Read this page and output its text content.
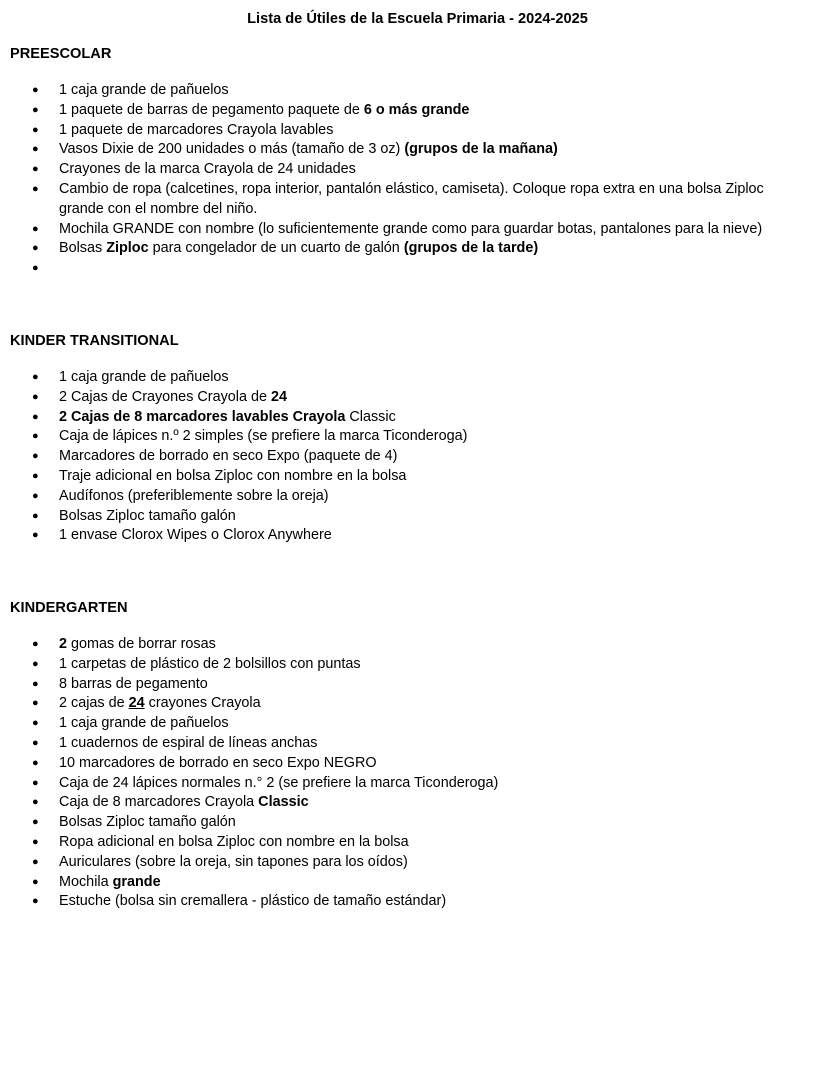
Lista de Útiles de la Escuela Primaria - 2024-2025
PREESCOLAR
● 1 caja grande de pañuelos
● 1 paquete de barras de pegamento paquete de 6 o más grande
● 1 paquete de marcadores Crayola lavables
● Vasos Dixie de 200 unidades o más (tamaño de 3 oz) (grupos de la mañana)
● Crayones de la marca Crayola de 24 unidades
● Cambio de ropa (calcetines, ropa interior, pantalón elástico, camiseta). Coloque ropa extra en una bolsa Ziploc grande con el nombre del niño.
● Mochila GRANDE con nombre (lo suficientemente grande como para guardar botas, pantalones para la nieve)
● Bolsas Ziploc para congelador de un cuarto de galón (grupos de la tarde)
●
KINDER TRANSITIONAL
● 1 caja grande de pañuelos
● 2 Cajas de Crayones Crayola de 24
● 2 Cajas de 8 marcadores lavables Crayola Classic
● Caja de lápices n.º 2 simples (se prefiere la marca Ticonderoga)
● Marcadores de borrado en seco Expo (paquete de 4)
● Traje adicional en bolsa Ziploc con nombre en la bolsa
● Audífonos (preferiblemente sobre la oreja)
● Bolsas Ziploc tamaño galón
● 1 envase Clorox Wipes o Clorox Anywhere
KINDERGARTEN
● 2 gomas de borrar rosas
● 1 carpetas de plástico de 2 bolsillos con puntas
● 8 barras de pegamento
● 2 cajas de 24 crayones Crayola
● 1 caja grande de pañuelos
● 1 cuadernos de espiral de líneas anchas
● 10 marcadores de borrado en seco Expo NEGRO
● Caja de 24 lápices normales n.° 2 (se prefiere la marca Ticonderoga)
● Caja de 8 marcadores Crayola Classic
● Bolsas Ziploc tamaño galón
● Ropa adicional en bolsa Ziploc con nombre en la bolsa
● Auriculares (sobre la oreja, sin tapones para los oídos)
● Mochila grande
● Estuche (bolsa sin cremallera - plástico de tamaño estándar)
